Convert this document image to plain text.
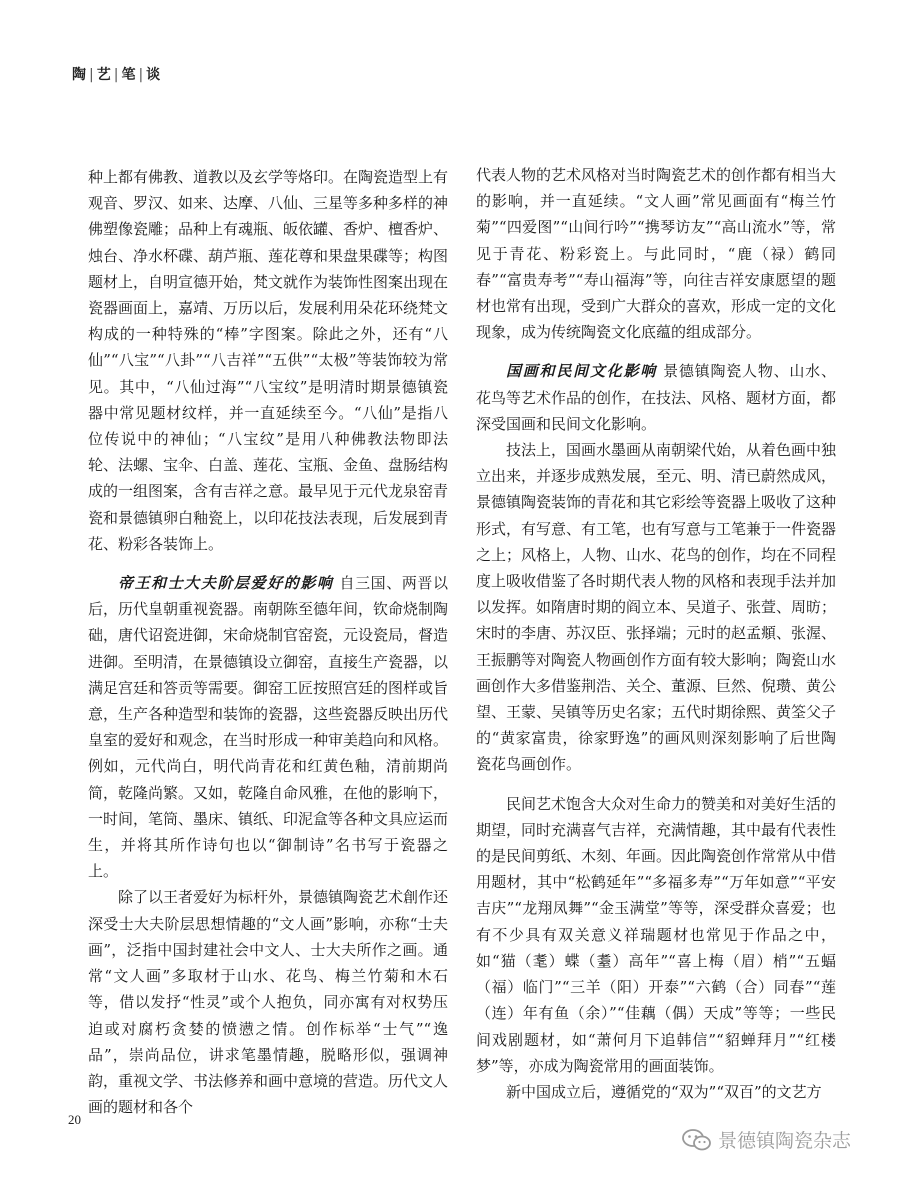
陶 | 艺 | 笔 | 谈

种上都有佛教、道教以及玄学等烙印。在陶瓷造型上有观音、罗汉、如来、达摩、八仙、三星等多种多样的神佛塑像瓷雕；品种上有魂瓶、皈依罐、香炉、檀香炉、烛台、净水杯碟、葫芦瓶、莲花尊和果盘果碟等；构图题材上，自明宣德开始，梵文就作为装饰性图案出现在瓷器画面上，嘉靖、万历以后，发展利用朵花环绕梵文构成的一种特殊的“棒”字图案。除此之外，还有“八仙”“八宝”“八卦”“八吉祥”“五供”“太极”等装饰较为常见。其中，“八仙过海”“八宝纹”是明清时期景德镇瓷器中常见题材纹样，并一直延续至今。“八仙”是指八位传说中的神仙；“八宝纹”是用八种佛教法物即法轮、法螺、宝伞、白盖、莲花、宝瓶、金鱼、盘肠结构成的一组图案，含有吉祥之意。最早见于元代龙泉窑青瓷和景德镇卵白釉瓷上，以印花技法表现，后发展到青花、粉彩各装饰上。

帝王和士大夫阶层爱好的影响 自三国、两晋以后，历代皇朝重视瓷器。南朝陈至德年间，钦命烧制陶础，唐代诏瓷进御，宋命烧制官窑瓷，元设瓷局，督造进御。至明清，在景德镇设立御窑，直接生产瓷器，以满足宫廷和答贡等需要。御窑工匠按照宫廷的图样或旨意，生产各种造型和装饰的瓷器，这些瓷器反映出历代皇室的爱好和观念，在当时形成一种审美趋向和风格。例如，元代尚白，明代尚青花和红黄色釉，清前期尚简，乾隆尚繁。又如，乾隆自命风雅，在他的影响下，一时间，笔筒、墨床、镇纸、印泥盒等各种文具应运而生，并将其所作诗句也以“御制诗”名书写于瓷器之上。

除了以王者爱好为标杆外，景德镇陶瓷艺术創作还深受士大夫阶层思想情趣的“文人画”影响，亦称“士夫画”，泛指中国封建社会中文人、士大夫所作之画。通常“文人画”多取材于山水、花鸟、梅兰竹菊和木石等，借以发抒“性灵”或个人抱负，同亦寓有对权势压迫或对腐朽贪婪的愤懑之情。创作标举“士气”“逸品”，崇尚品位，讲求笔墨情趣，脱略形似，强调神韵，重视文学、书法修养和画中意境的营造。历代文人画的题材和各个

代表人物的艺术风格对当时陶瓷艺术的创作都有相当大的影响，并一直延续。“文人画”常见画面有“梅兰竹菊”“四爱图”“山间行吟”“携琴访友”“高山流水”等，常见于青花、粉彩瓷上。与此同时，“鹿（禄）鹤同春”“富贵寿考”“寿山福海”等，向往吉祥安康愿望的题材也常有出现，受到广大群众的喜欢，形成一定的文化现象，成为传统陶瓷文化底蕴的组成部分。

国画和民间文化影响 景德镇陶瓷人物、山水、花鸟等艺术作品的创作，在技法、风格、题材方面，都深受国画和民间文化影响。

技法上，国画水墨画从南朝梁代始，从着色画中独立出来，并逐步成熟发展，至元、明、清已蔚然成风，景德镇陶瓷装饰的青花和其它彩绘等瓷器上吸收了这种形式，有写意、有工笔，也有写意与工笔兼于一件瓷器之上；风格上，人物、山水、花鸟的创作，均在不同程度上吸收借鉴了各时期代表人物的风格和表现手法并加以发挥。如隋唐时期的阎立本、吴道子、张萱、周昉；宋时的李唐、苏汉臣、张择端；元时的赵孟頫、张渥、王振鹏等对陶瓷人物画创作方面有较大影响；陶瓷山水画创作大多借鉴荆浩、关仝、董源、巨然、倪瓒、黄公望、王蒙、吴镇等历史名家；五代时期徐熙、黄筌父子的“黄家富贵，徐家野逸”的画风则深刻影响了后世陶瓷花鸟画创作。

民间艺术饱含大众对生命力的赞美和对美好生活的期望，同时充满喜气吉祥，充满情趣，其中最有代表性的是民间剪纸、木刻、年画。因此陶瓷创作常常从中借用题材，其中“松鹤延年”“多福多寿”“万年如意”“平安吉庆”“龙翔凤舞”“金玉满堂”等等，深受群众喜爱；也有不少具有双关意义祥瑞题材也常见于作品之中，如“猫（耄）蝶（耋）高年”“喜上梅（眉）梢”“五蝠（福）临门”“三羊（阳）开泰”“六鹤（合）同春”“莲（连）年有鱼（余）”“佳藕（偶）天成”等等；一些民间戏剧题材，如“萧何月下追韩信”“貂蝉拜月”“红楼梦”等，亦成为陶瓷常用的画面装饰。

新中国成立后，遵循党的“双为”“双百”的文艺方

20
景德镇陶瓷杂志
